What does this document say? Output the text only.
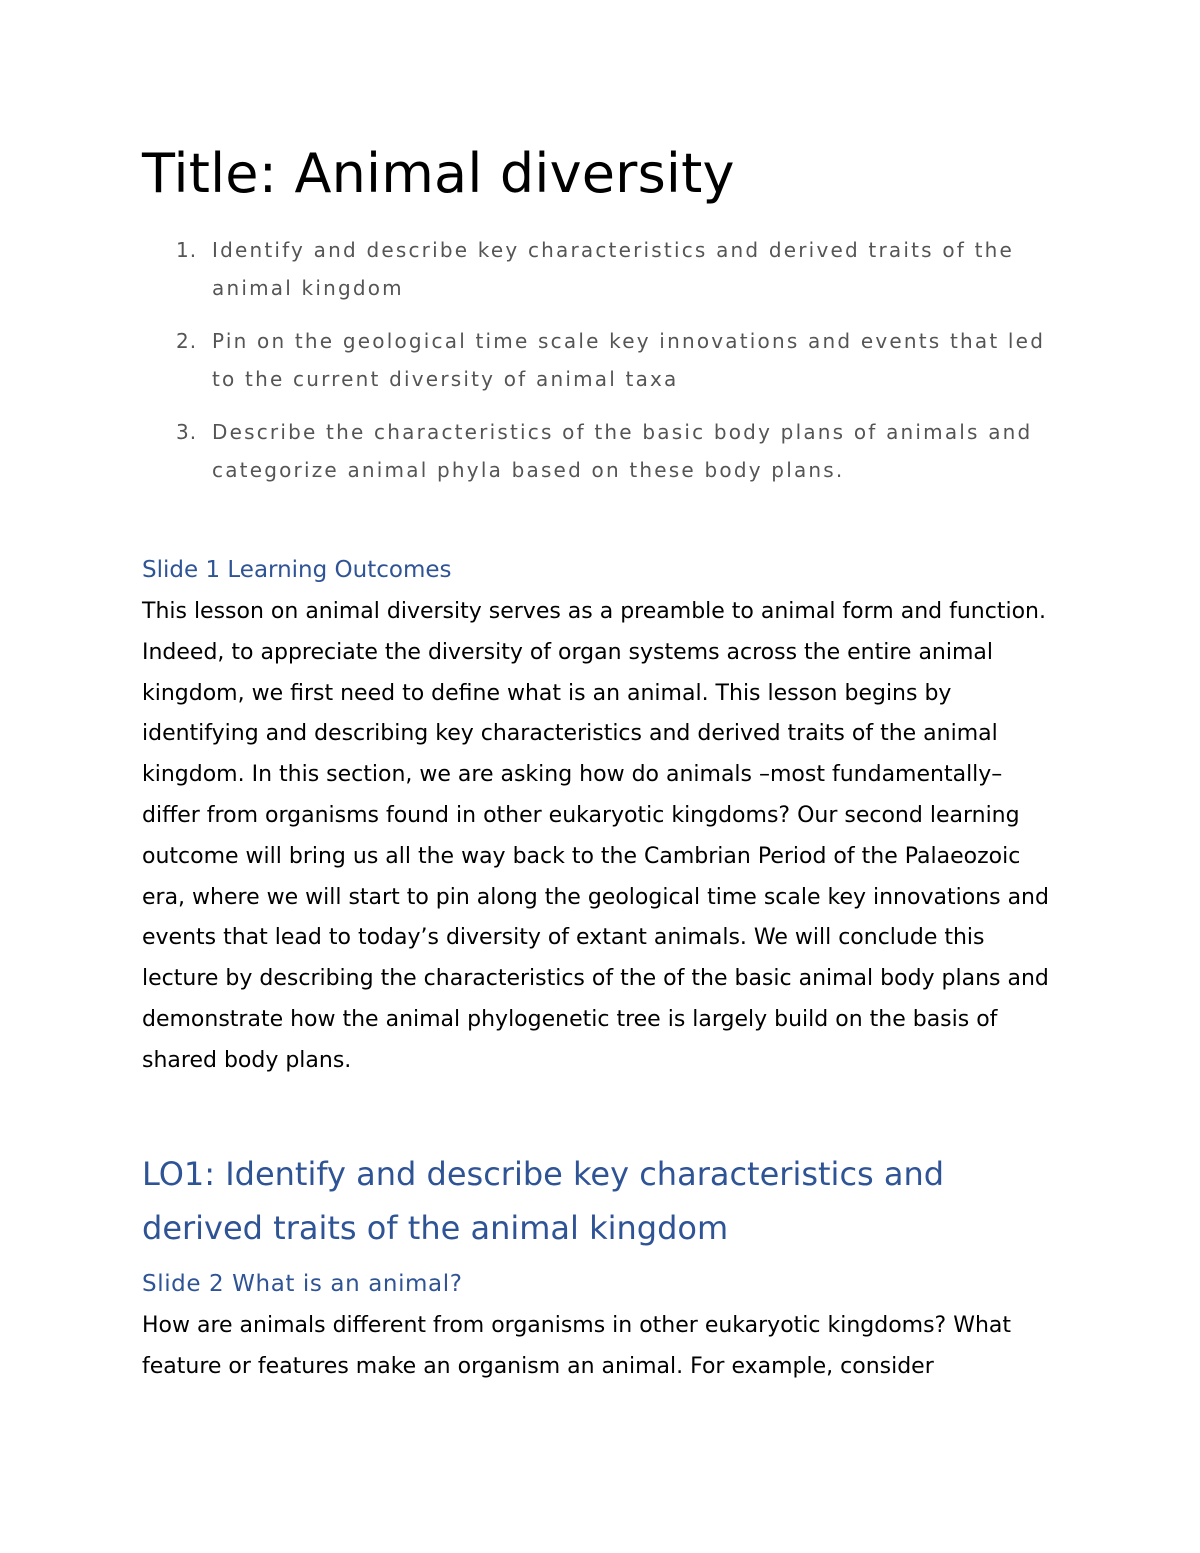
Title: Animal diversity
1. Identify and describe key characteristics and derived traits of the animal kingdom
2. Pin on the geological time scale key innovations and events that led to the current diversity of animal taxa
3. Describe the characteristics of the basic body plans of animals and categorize animal phyla based on these body plans.
Slide 1 Learning Outcomes

This lesson on animal diversity serves as a preamble to animal form and function. Indeed, to appreciate the diversity of organ systems across the entire animal kingdom, we first need to define what is an animal. This lesson begins by identifying and describing key characteristics and derived traits of the animal kingdom. In this section, we are asking how do animals –most fundamentally– differ from organisms found in other eukaryotic kingdoms? Our second learning outcome will bring us all the way back to the Cambrian Period of the Palaeozoic era, where we will start to pin along the geological time scale key innovations and events that lead to today’s diversity of extant animals. We will conclude this lecture by describing the characteristics of the of the basic animal body plans and demonstrate how the animal phylogenetic tree is largely build on the basis of shared body plans.

LO1: Identify and describe key characteristics and derived traits of the animal kingdom
Slide 2 What is an animal?

How are animals different from organisms in other eukaryotic kingdoms? What feature or features make an organism an animal. For example, consider
